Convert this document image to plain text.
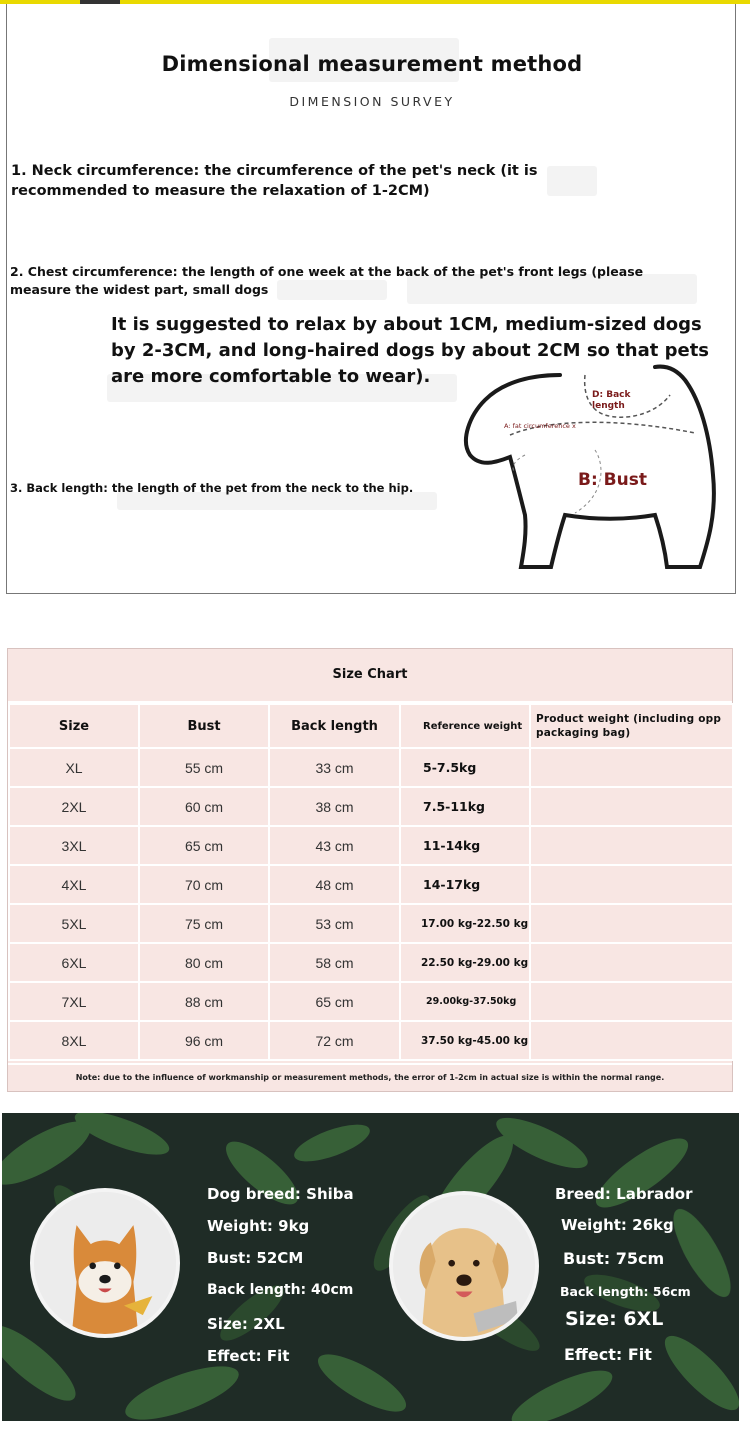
Dimensional measurement method
DIMENSION SURVEY
1. Neck circumference: the circumference of the pet's neck (it is recommended to measure the relaxation of 1-2CM)
2. Chest circumference: the length of one week at the back of the pet's front legs (please measure the widest part, small dogs
It is suggested to relax by about 1CM, medium-sized dogs by 2-3CM, and long-haired dogs by about 2CM so that pets are more comfortable to wear).
3. Back length: the length of the pet from the neck to the hip.
D: Back length
A: fat circumference x
B: Bust
Size Chart
Size	Bust	Back length	Reference weight	Product weight (including opp packaging bag)
XL	55 cm	33 cm	5-7.5kg	
2XL	60 cm	38 cm	7.5-11kg	
3XL	65 cm	43 cm	11-14kg	
4XL	70 cm	48 cm	14-17kg	
5XL	75 cm	53 cm	17.00 kg-22.50 kg	
6XL	80 cm	58 cm	22.50 kg-29.00 kg	
7XL	88 cm	65 cm	29.00kg-37.50kg	
8XL	96 cm	72 cm	37.50 kg-45.00 kg	
Note: due to the influence of workmanship or measurement methods, the error of 1-2cm in actual size is within the normal range.
Dog breed: Shiba
Weight: 9kg
Bust: 52CM
Back length: 40cm
Size: 2XL
Effect: Fit
Breed: Labrador
Weight: 26kg
Bust: 75cm
Back length: 56cm
Size: 6XL
Effect: Fit
